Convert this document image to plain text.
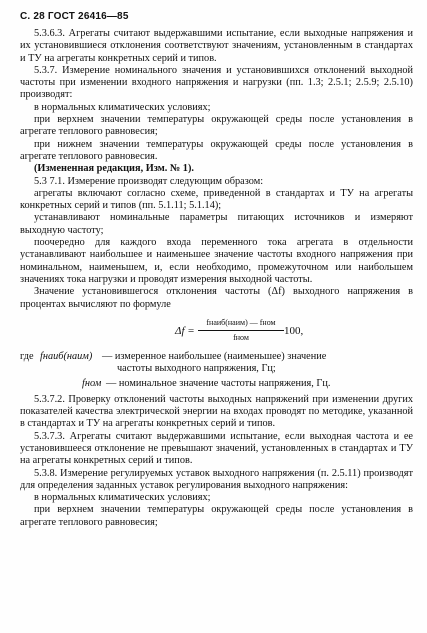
С. 28 ГОСТ 26416—85

5.3.6.3. Агрегаты считают выдержавшими испытание, если выходные напряжения и их установившиеся отклонения соответствуют значениям, установленным в стандартах и ТУ на агрегаты конкретных серий и типов.

5.3.7. Измерение номинального значения и установившихся отклонений выходной частоты при изменении входного напряжения и нагрузки (пп. 1.3; 2.5.1; 2.5.9; 2.5.10) производят:

в нормальных климатических условиях;

при верхнем значении температуры окружающей среды после установления в агрегате теплового равновесия;

при нижнем значении температуры окружающей среды после установления в агрегате теплового равновесия.

(Измененная редакция, Изм. № 1).

5.3 7.1. Измерение производят следующим образом:

агрегаты включают согласно схеме, приведенной в стандартах и ТУ на агрегаты конкретных серий и типов (пп. 5.1.11; 5.1.14);

устанавливают номинальные параметры питающих источников и измеряют выходную частоту;

поочередно для каждого входа переменного тока агрегата в отдельности устанавливают наибольшее и наименьшее значение частоты входного напряжения при номинальном, наименьшем, и, если необходимо, промежуточном или наибольшем значениях тока нагрузки и проводят измерения выходной частоты.

Значение установившегося отклонения частоты (Δf) выходного напряжения в процентах вычисляют по формуле

Δf =
fнаиб(наим) — fном
fном
100,
где fнаиб(наим) — измеренное наибольшее (наименьшее) значение
частоты выходного напряжения, Гц;
fном — номинальное значение частоты напряжения, Гц.

5.3.7.2. Проверку отклонений частоты выходных напряжений при изменении других показателей качества электрической энергии на входах проводят по методике, указанной в стандартах и ТУ на агрегаты конкретных серий и типов.

5.3.7.3. Агрегаты считают выдержавшими испытание, если выходная частота и ее установившееся отклонение не превышают значений, установленных в стандартах и ТУ на агрегаты конкретных серий и типов.

5.3.8. Измерение регулируемых уставок выходного напряжения (п. 2.5.11) производят для определения заданных уставок регулирования выходного напряжения:

в нормальных климатических условиях;

при верхнем значении температуры окружающей среды после установления в агрегате теплового равновесия;
